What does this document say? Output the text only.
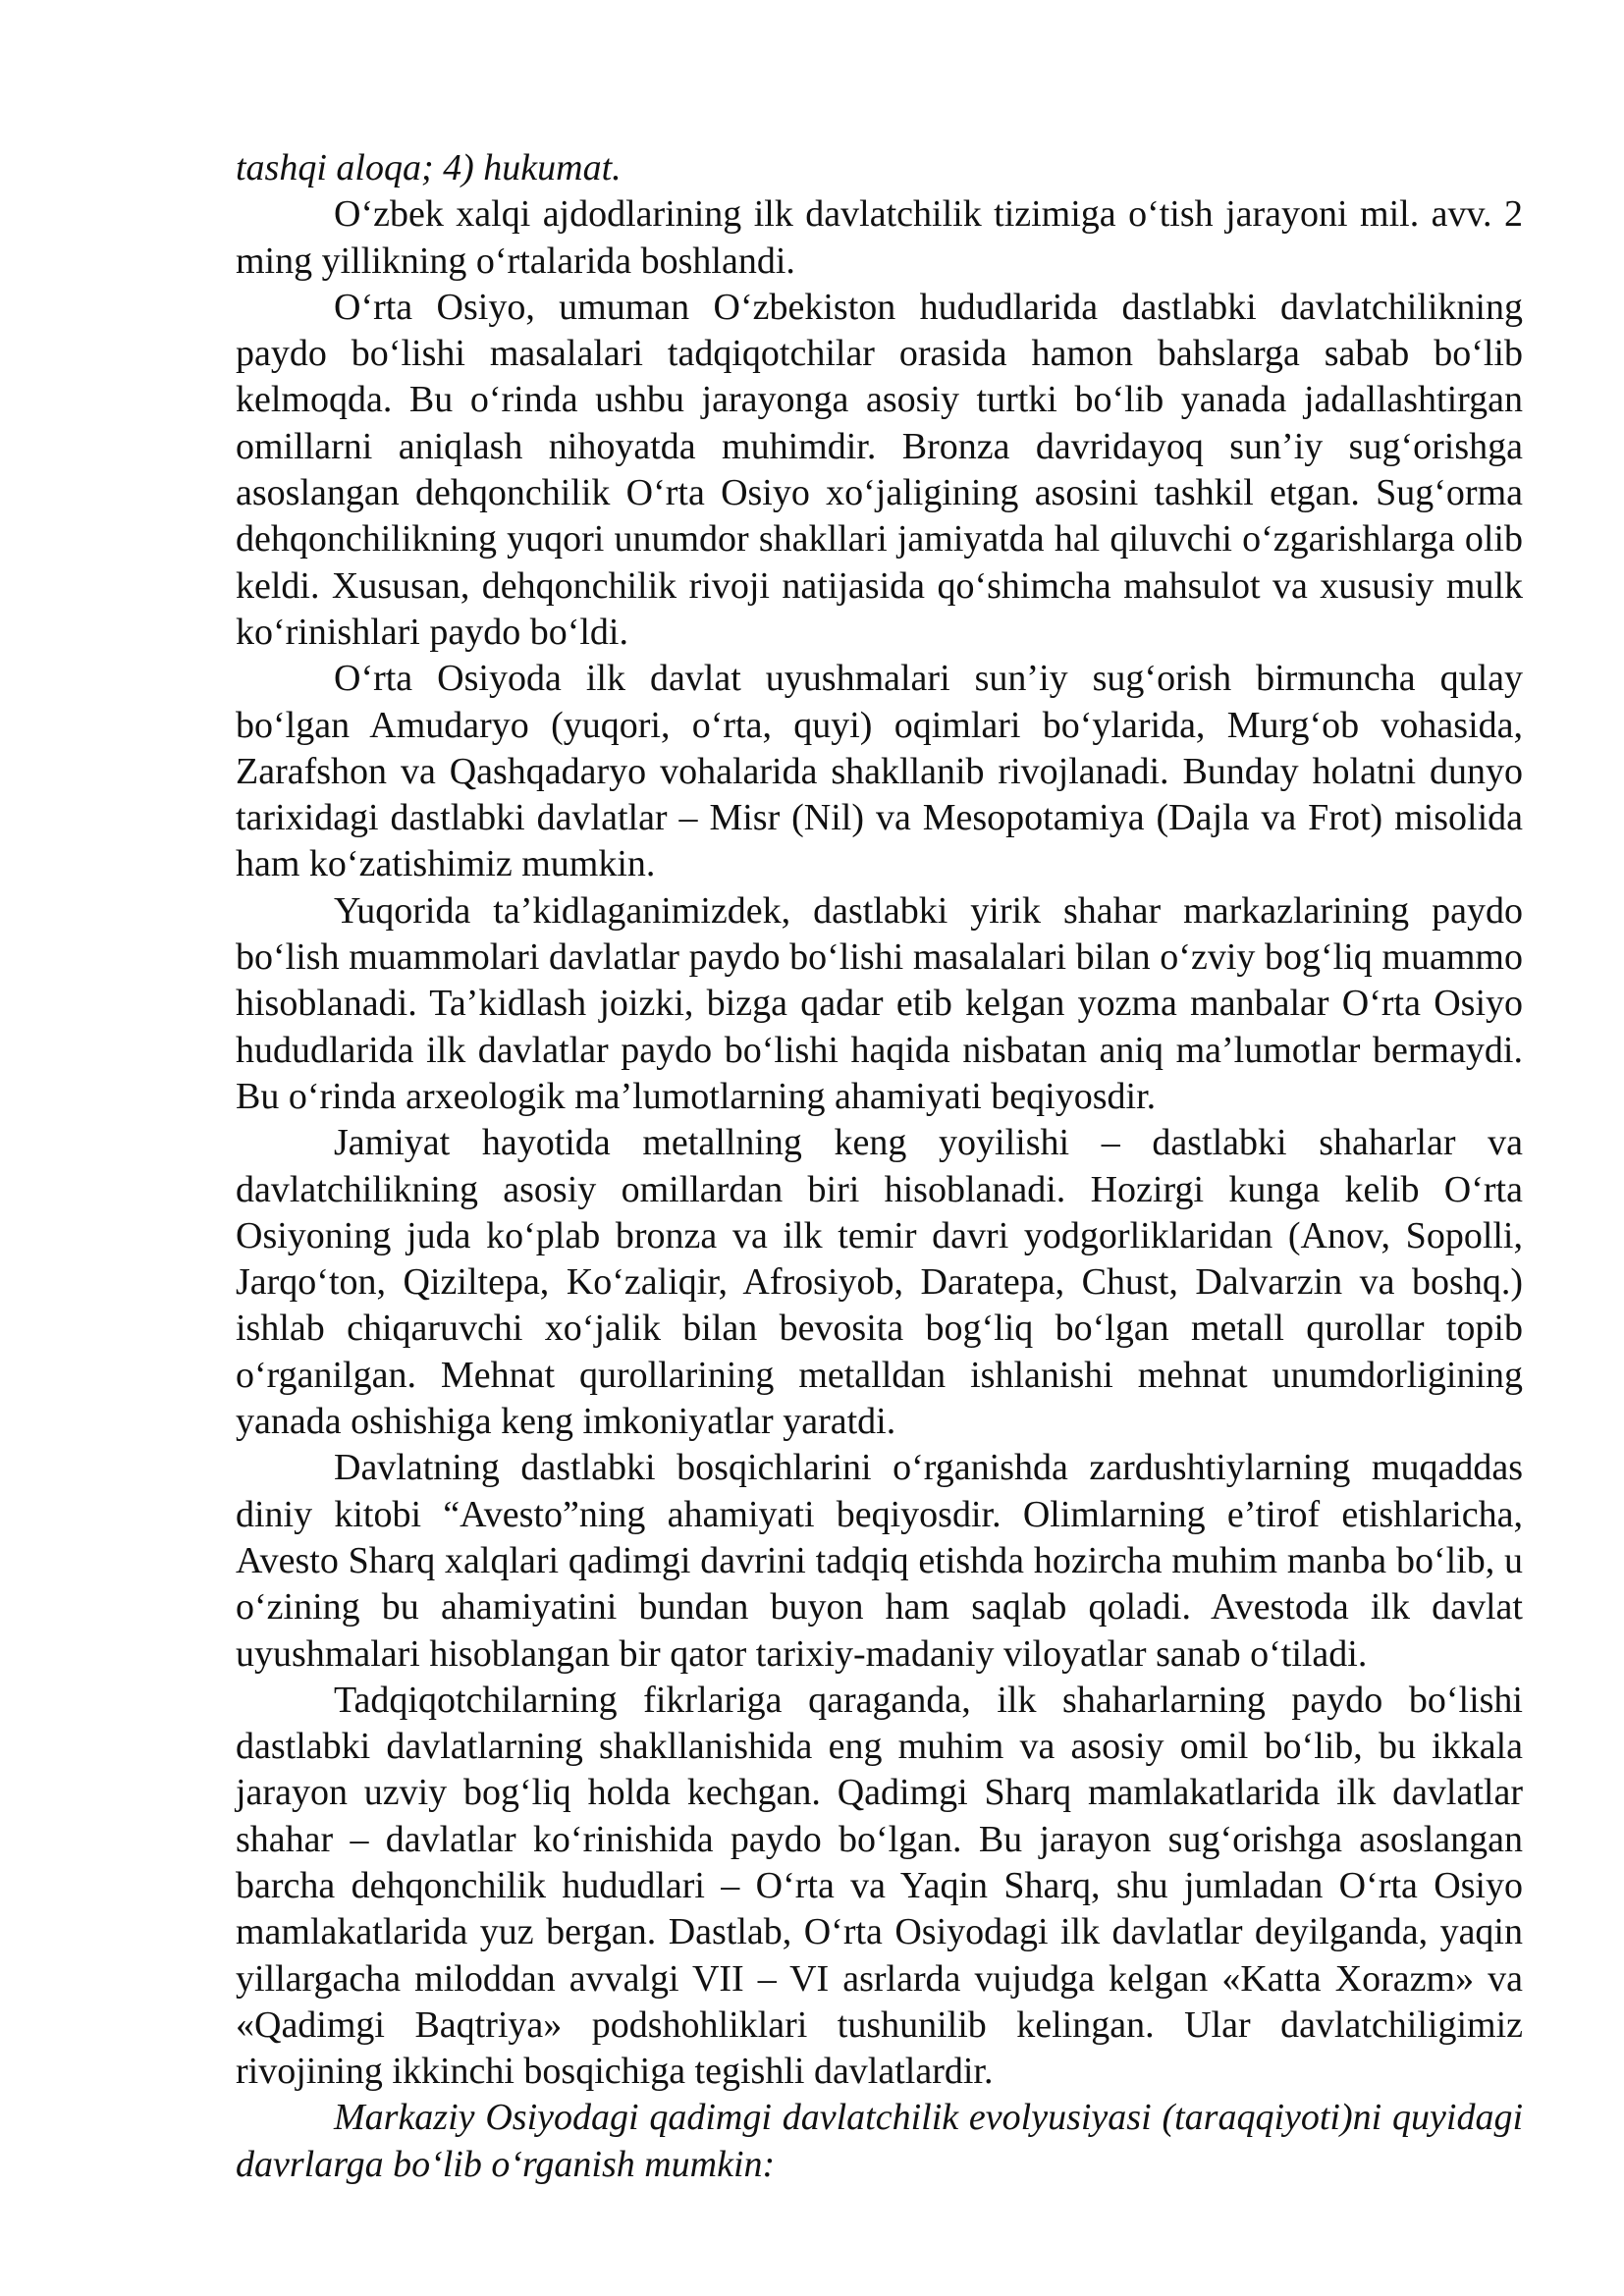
tashqi aloqa; 4) hukumat.

O‘zbek xalqi ajdodlarining ilk davlatchilik tizimiga o‘tish jarayoni mil. avv. 2 ming yillikning o‘rtalarida boshlandi.

O‘rta Osiyo, umuman O‘zbekiston hududlarida dastlabki davlatchilikning paydo bo‘lishi masalalari tadqiqotchilar orasida hamon bahslarga sabab bo‘lib kelmoqda. Bu o‘rinda ushbu jarayonga asosiy turtki bo‘lib yanada jadallashtirgan omillarni aniqlash nihoyatda muhimdir. Bronza davridayoq sun’iy sug‘orishga asoslangan dehqonchilik O‘rta Osiyo xo‘jaligining asosini tashkil etgan. Sug‘orma dehqonchilikning yuqori unumdor shakllari jamiyatda hal qiluvchi o‘zgarishlarga olib keldi. Xususan, dehqonchilik rivoji natijasida qo‘shimcha mahsulot va xususiy mulk ko‘rinishlari paydo bo‘ldi.

O‘rta Osiyoda ilk davlat uyushmalari sun’iy sug‘orish birmuncha qulay bo‘lgan Amudaryo (yuqori, o‘rta, quyi) oqimlari bo‘ylarida, Murg‘ob vohasida, Zarafshon va Qashqadaryo vohalarida shakllanib rivojlanadi. Bunday holatni dunyo tarixidagi dastlabki davlatlar – Misr (Nil) va Mesopotamiya (Dajla va Frot) misolida ham ko‘zatishimiz mumkin.

Yuqorida ta’kidlaganimizdek, dastlabki yirik shahar markazlarining paydo bo‘lish muammolari davlatlar paydo bo‘lishi masalalari bilan o‘zviy bog‘liq muammo hisoblanadi. Ta’kidlash joizki, bizga qadar etib kelgan yozma manbalar O‘rta Osiyo hududlarida ilk davlatlar paydo bo‘lishi haqida nisbatan aniq ma’lumotlar bermaydi. Bu o‘rinda arxeologik ma’lumotlarning ahamiyati beqiyosdir.

Jamiyat hayotida metallning keng yoyilishi – dastlabki shaharlar va davlatchilikning asosiy omillardan biri hisoblanadi. Hozirgi kunga kelib O‘rta Osiyoning juda ko‘plab bronza va ilk temir davri yodgorliklaridan (Anov, Sopolli, Jarqo‘ton, Qiziltepa, Ko‘zaliqir, Afrosiyob, Daratepa, Chust, Dalvarzin va boshq.) ishlab chiqaruvchi xo‘jalik bilan bevosita bog‘liq bo‘lgan metall qurollar topib o‘rganilgan. Mehnat qurollarining metalldan ishlanishi mehnat unumdorligining yanada oshishiga keng imkoniyatlar yaratdi.

Davlatning dastlabki bosqichlarini o‘rganishda zardushtiylarning muqaddas diniy kitobi “Avesto”ning ahamiyati beqiyosdir. Olimlarning e’tirof etishlaricha, Avesto Sharq xalqlari qadimgi davrini tadqiq etishda hozircha muhim manba bo‘lib, u o‘zining bu ahamiyatini bundan buyon ham saqlab qoladi. Avestoda ilk davlat uyushmalari hisoblangan bir qator tarixiy-madaniy viloyatlar sanab o‘tiladi.

Tadqiqotchilarning fikrlariga qaraganda, ilk shaharlarning paydo bo‘lishi dastlabki davlatlarning shakllanishida eng muhim va asosiy omil bo‘lib, bu ikkala jarayon uzviy bog‘liq holda kechgan. Qadimgi Sharq mamlakatlarida ilk davlatlar shahar – davlatlar ko‘rinishida paydo bo‘lgan. Bu jarayon sug‘orishga asoslangan barcha dehqonchilik hududlari – O‘rta va Yaqin Sharq, shu jumladan O‘rta Osiyo mamlakatlarida yuz bergan. Dastlab, O‘rta Osiyodagi ilk davlatlar deyilganda, yaqin yillargacha miloddan avvalgi VII – VI asrlarda vujudga kelgan «Katta Xorazm» va «Qadimgi Baqtriya» podshohliklari tushunilib kelingan. Ular davlatchiligimiz rivojining ikkinchi bosqichiga tegishli davlatlardir.

Markaziy Osiyodagi qadimgi davlatchilik evolyusiyasi (taraqqiyoti)ni quyidagi davrlarga bo‘lib o‘rganish mumkin:
